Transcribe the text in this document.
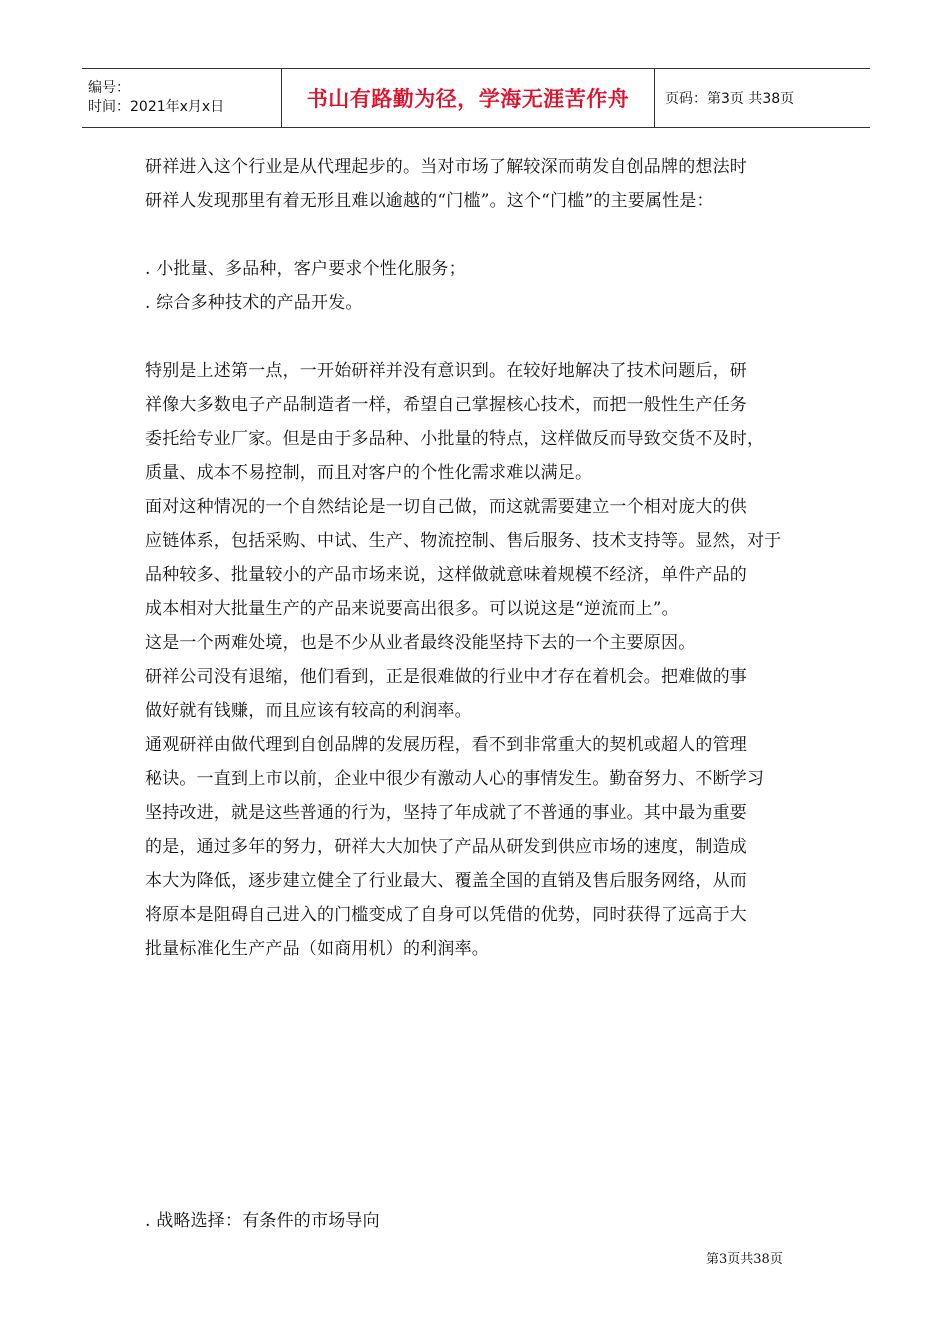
编号：
时间：2021年x月x日	书山有路勤为径，学海无涯苦作舟	页码：第3页 共38页
研祥进入这个行业是从代理起步的。当对市场了解较深而萌发自创品牌的想法时
研祥人发现那里有着无形且难以逾越的“门槛”。这个“门槛”的主要属性是：
. 小批量、多品种，客户要求个性化服务；
. 综合多种技术的产品开发。
特别是上述第一点，一开始研祥并没有意识到。在较好地解决了技术问题后，研
祥像大多数电子产品制造者一样，希望自己掌握核心技术，而把一般性生产任务
委托给专业厂家。但是由于多品种、小批量的特点，这样做反而导致交货不及时，
质量、成本不易控制，而且对客户的个性化需求难以满足。
面对这种情况的一个自然结论是一切自己做，而这就需要建立一个相对庞大的供
应链体系，包括采购、中试、生产、物流控制、售后服务、技术支持等。显然，对于
品种较多、批量较小的产品市场来说，这样做就意味着规模不经济，单件产品的
成本相对大批量生产的产品来说要高出很多。可以说这是“逆流而上”。
这是一个两难处境，也是不少从业者最终没能坚持下去的一个主要原因。
研祥公司没有退缩，他们看到，正是很难做的行业中才存在着机会。把难做的事
做好就有钱赚，而且应该有较高的利润率。
通观研祥由做代理到自创品牌的发展历程，看不到非常重大的契机或超人的管理
秘诀。一直到上市以前，企业中很少有激动人心的事情发生。勤奋努力、不断学习
坚持改进，就是这些普通的行为，坚持了年成就了不普通的事业。其中最为重要
的是，通过多年的努力，研祥大大加快了产品从研发到供应市场的速度，制造成
本大为降低，逐步建立健全了行业最大、覆盖全国的直销及售后服务网络，从而
将原本是阻碍自己进入的门槛变成了自身可以凭借的优势，同时获得了远高于大
批量标准化生产产品（如商用机）的利润率。
. 战略选择：有条件的市场导向
第3页共38页
